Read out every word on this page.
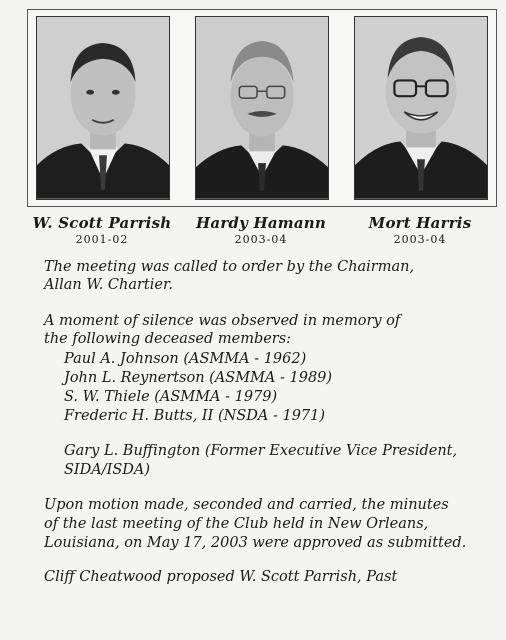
W. Scott Parrish
2001-02
Hardy Hamann
2003-04
Mort Harris
2003-04
The meeting was called to order by the Chairman,
Allan W. Chartier.
A moment of silence was observed in memory of
the following deceased members:
Paul A. Johnson (ASMMA - 1962)
John L. Reynertson (ASMMA - 1989)
S. W. Thiele (ASMMA - 1979)
Frederic H. Butts, II (NSDA - 1971)
Gary L. Buffington (Former Executive Vice President,
SIDA/ISDA)
Upon motion made, seconded and carried, the minutes
of the last meeting of the Club held in New Orleans,
Louisiana, on May 17, 2003 were approved as submitted.
Cliff Cheatwood proposed W. Scott Parrish, Past
